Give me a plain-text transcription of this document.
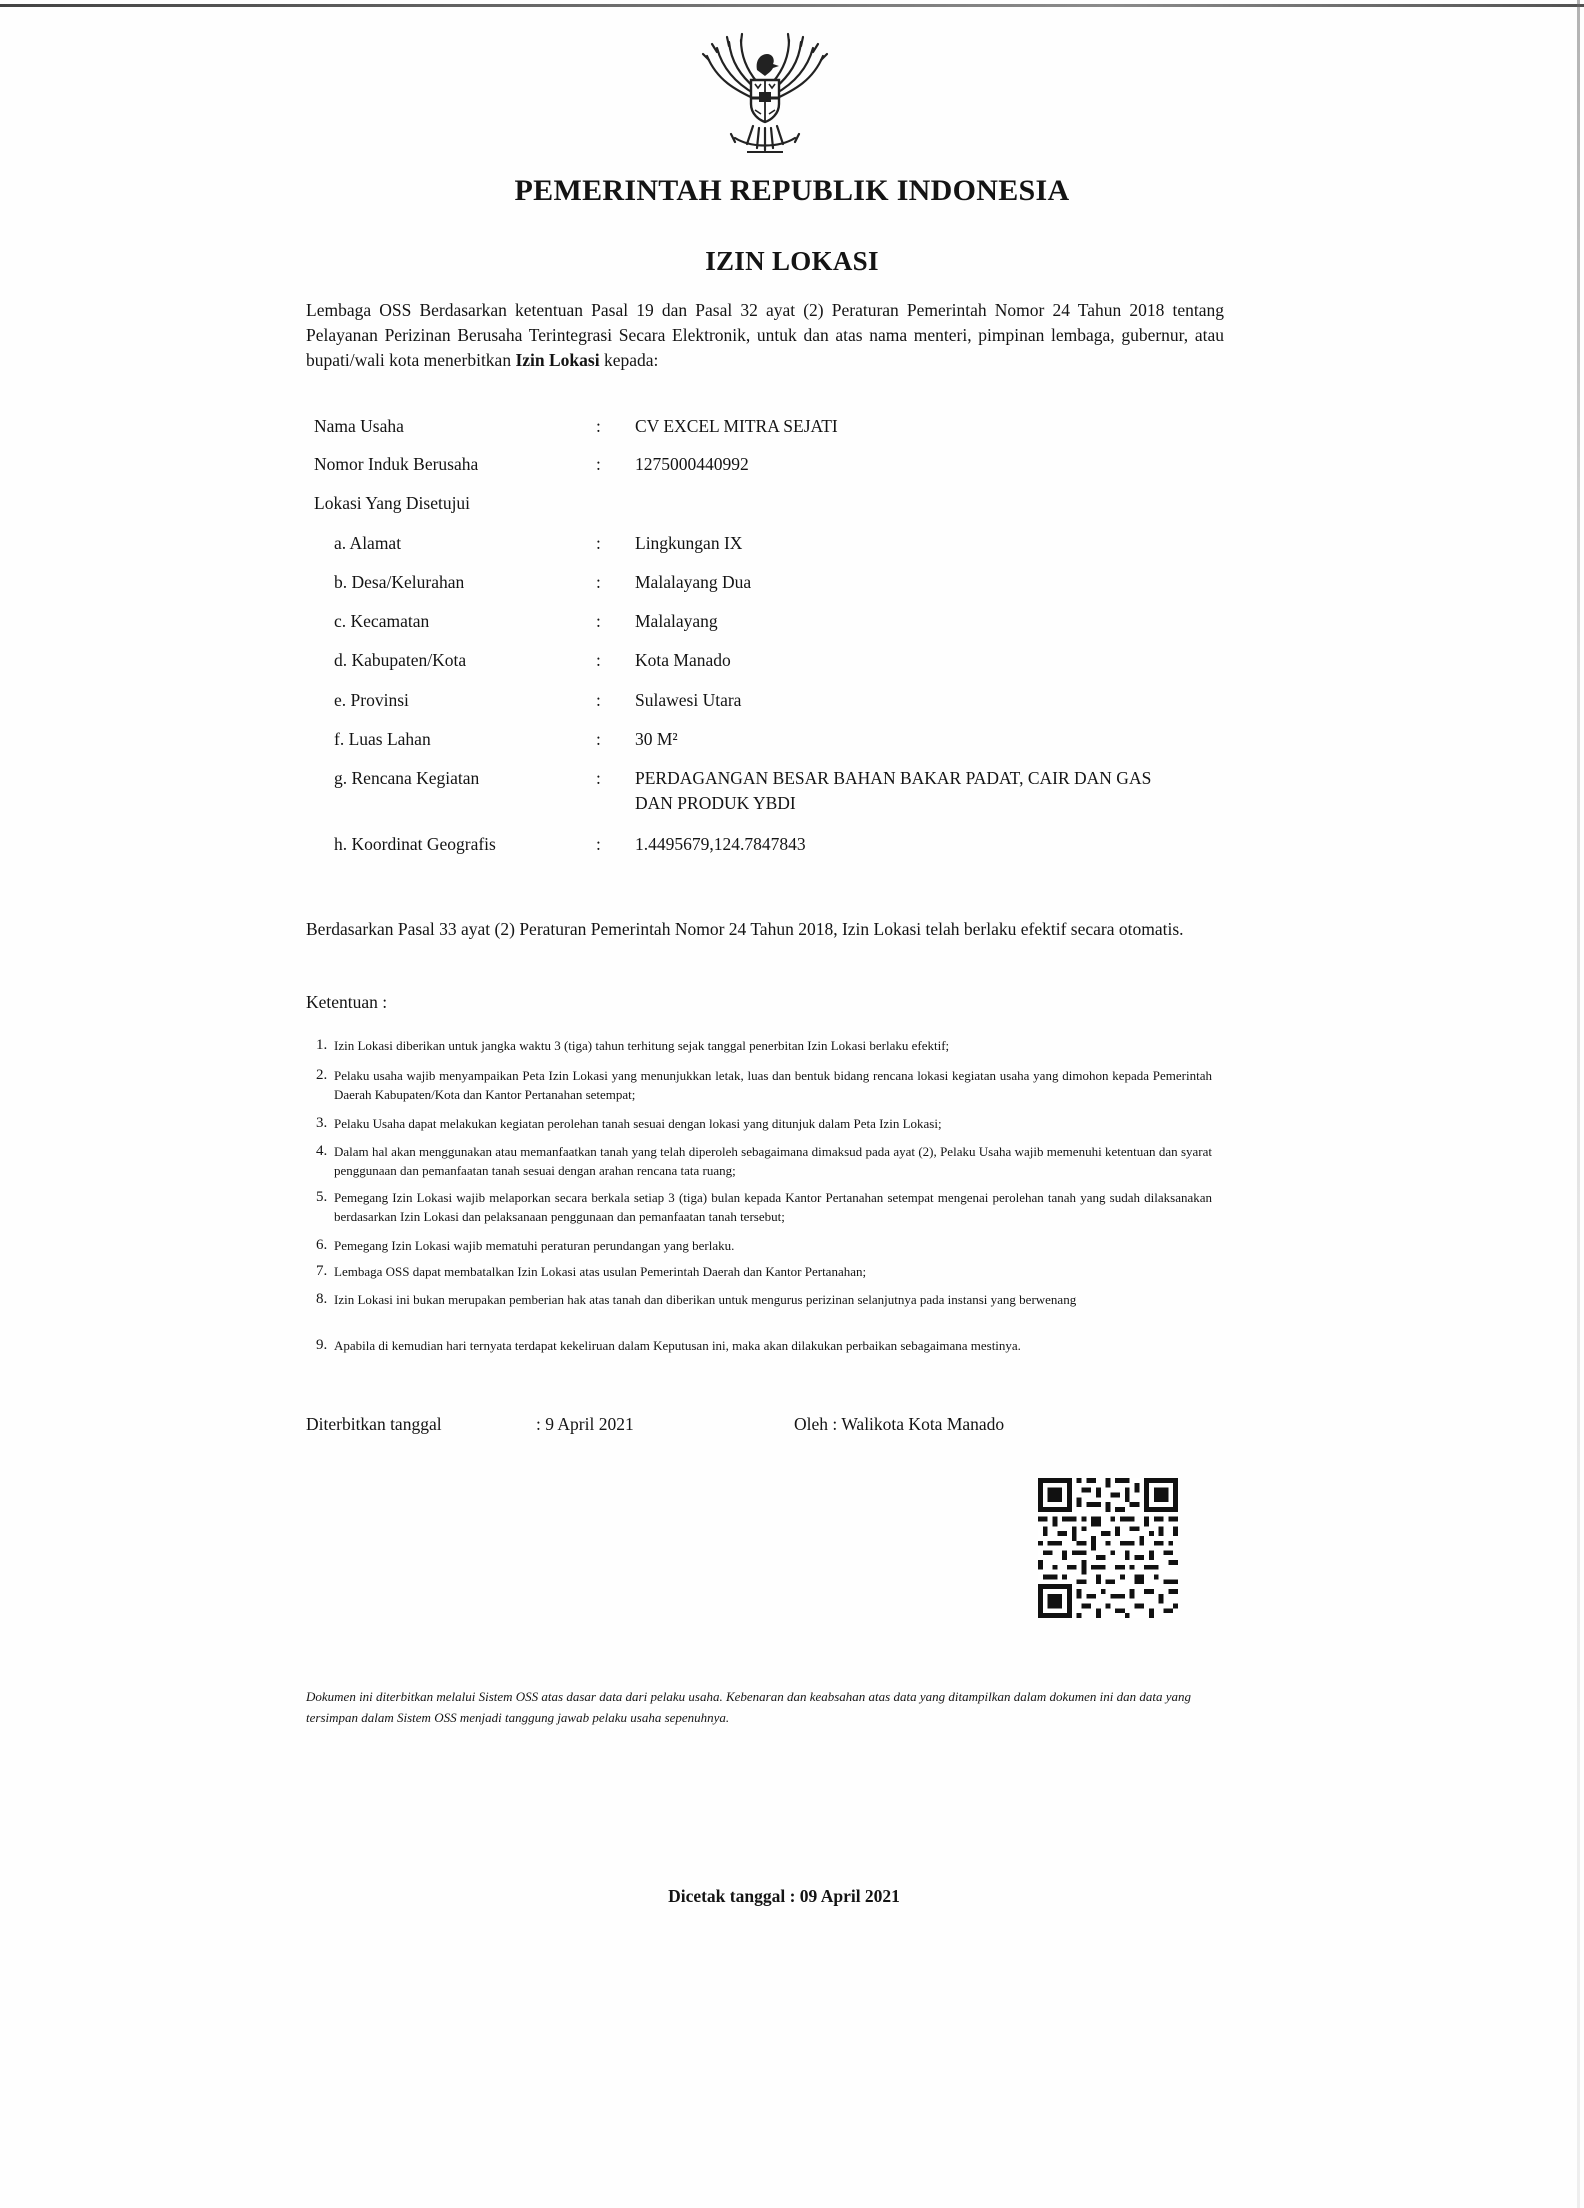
PEMERINTAH REPUBLIK INDONESIA
IZIN LOKASI
Lembaga OSS Berdasarkan ketentuan Pasal 19 dan Pasal 32 ayat (2) Peraturan Pemerintah Nomor 24 Tahun 2018 tentang Pelayanan Perizinan Berusaha Terintegrasi Secara Elektronik, untuk dan atas nama menteri, pimpinan lembaga, gubernur, atau bupati/wali kota menerbitkan Izin Lokasi kepada:
Nama Usaha	: CV EXCEL MITRA SEJATI
Nomor Induk Berusaha	: 1275000440992
Lokasi Yang Disetujui
a. Alamat	: Lingkungan IX
b. Desa/Kelurahan	: Malalayang Dua
c. Kecamatan	: Malalayang
d. Kabupaten/Kota	: Kota Manado
e. Provinsi	: Sulawesi Utara
f. Luas Lahan	: 30 M²
g. Rencana Kegiatan	: PERDAGANGAN BESAR BAHAN BAKAR PADAT, CAIR DAN GAS
DAN PRODUK YBDI
h. Koordinat Geografis	: 1.4495679,124.7847843
Berdasarkan Pasal 33 ayat (2) Peraturan Pemerintah Nomor 24 Tahun 2018, Izin Lokasi telah berlaku efektif secara otomatis.
Ketentuan :
1. Izin Lokasi diberikan untuk jangka waktu 3 (tiga) tahun terhitung sejak tanggal penerbitan Izin Lokasi berlaku efektif;
2. Pelaku usaha wajib menyampaikan Peta Izin Lokasi yang menunjukkan letak, luas dan bentuk bidang rencana lokasi kegiatan usaha yang dimohon kepada Pemerintah Daerah Kabupaten/Kota dan Kantor Pertanahan setempat;
3. Pelaku Usaha dapat melakukan kegiatan perolehan tanah sesuai dengan lokasi yang ditunjuk dalam Peta Izin Lokasi;
4. Dalam hal akan menggunakan atau memanfaatkan tanah yang telah diperoleh sebagaimana dimaksud pada ayat (2), Pelaku Usaha wajib memenuhi ketentuan dan syarat penggunaan dan pemanfaatan tanah sesuai dengan arahan rencana tata ruang;
5. Pemegang Izin Lokasi wajib melaporkan secara berkala setiap 3 (tiga) bulan kepada Kantor Pertanahan setempat mengenai perolehan tanah yang sudah dilaksanakan berdasarkan Izin Lokasi dan pelaksanaan penggunaan dan pemanfaatan tanah tersebut;
6. Pemegang Izin Lokasi wajib mematuhi peraturan perundangan yang berlaku.
7. Lembaga OSS dapat membatalkan Izin Lokasi atas usulan Pemerintah Daerah dan Kantor Pertanahan;
8. Izin Lokasi ini bukan merupakan pemberian hak atas tanah dan diberikan untuk mengurus perizinan selanjutnya pada instansi yang berwenang
9. Apabila di kemudian hari ternyata terdapat kekeliruan dalam Keputusan ini, maka akan dilakukan perbaikan sebagaimana mestinya.
Diterbitkan tanggal	: 9 April 2021	Oleh : Walikota Kota Manado
Dokumen ini diterbitkan melalui Sistem OSS atas dasar data dari pelaku usaha. Kebenaran dan keabsahan atas data yang ditampilkan dalam dokumen ini dan data yang tersimpan dalam Sistem OSS menjadi tanggung jawab pelaku usaha sepenuhnya.
Dicetak tanggal : 09 April 2021
